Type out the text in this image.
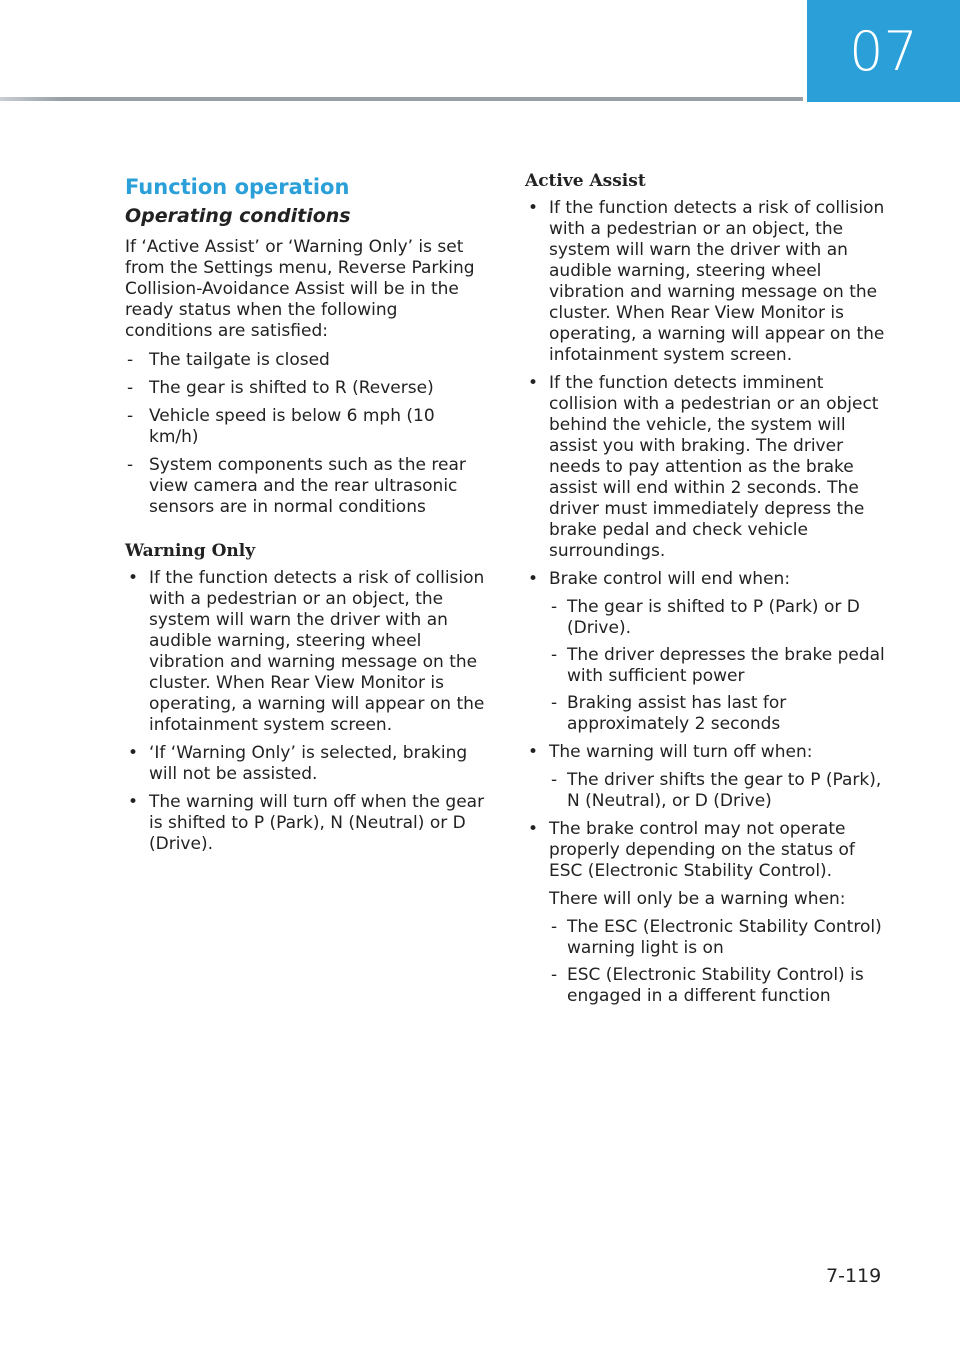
07
Function operation
Operating conditions

If ‘Active Assist’ or ‘Warning Only’ is set from the Settings menu, Reverse Parking Collision-Avoidance Assist will be in the ready status when the following conditions are satisfied:

- The tailgate is closed
- The gear is shifted to R (Reverse)
- Vehicle speed is below 6 mph (10 km/h)
- System components such as the rear view camera and the rear ultrasonic sensors are in normal conditions
Warning Only
• If the function detects a risk of collision with a pedestrian or an object, the system will warn the driver with an audible warning, steering wheel vibration and warning message on the cluster. When Rear View Monitor is operating, a warning will appear on the infotainment system screen.
• ‘If ‘Warning Only’ is selected, braking will not be assisted.
• The warning will turn off when the gear is shifted to P (Park), N (Neutral) or D (Drive).
Active Assist
• If the function detects a risk of collision with a pedestrian or an object, the system will warn the driver with an audible warning, steering wheel vibration and warning message on the cluster. When Rear View Monitor is operating, a warning will appear on the infotainment system screen.
• If the function detects imminent collision with a pedestrian or an object behind the vehicle, the system will assist you with braking. The driver needs to pay attention as the brake assist will end within 2 seconds. The driver must immediately depress the brake pedal and check vehicle surroundings.
• Brake control will end when:
- The gear is shifted to P (Park) or D (Drive).
- The driver depresses the brake pedal with sufficient power
- Braking assist has last for approximately 2 seconds
• The warning will turn off when:
- The driver shifts the gear to P (Park), N (Neutral), or D (Drive)
• The brake control may not operate properly depending on the status of ESC (Electronic Stability Control).
There will only be a warning when:
- The ESC (Electronic Stability Control) warning light is on
- ESC (Electronic Stability Control) is engaged in a different function
7-119
